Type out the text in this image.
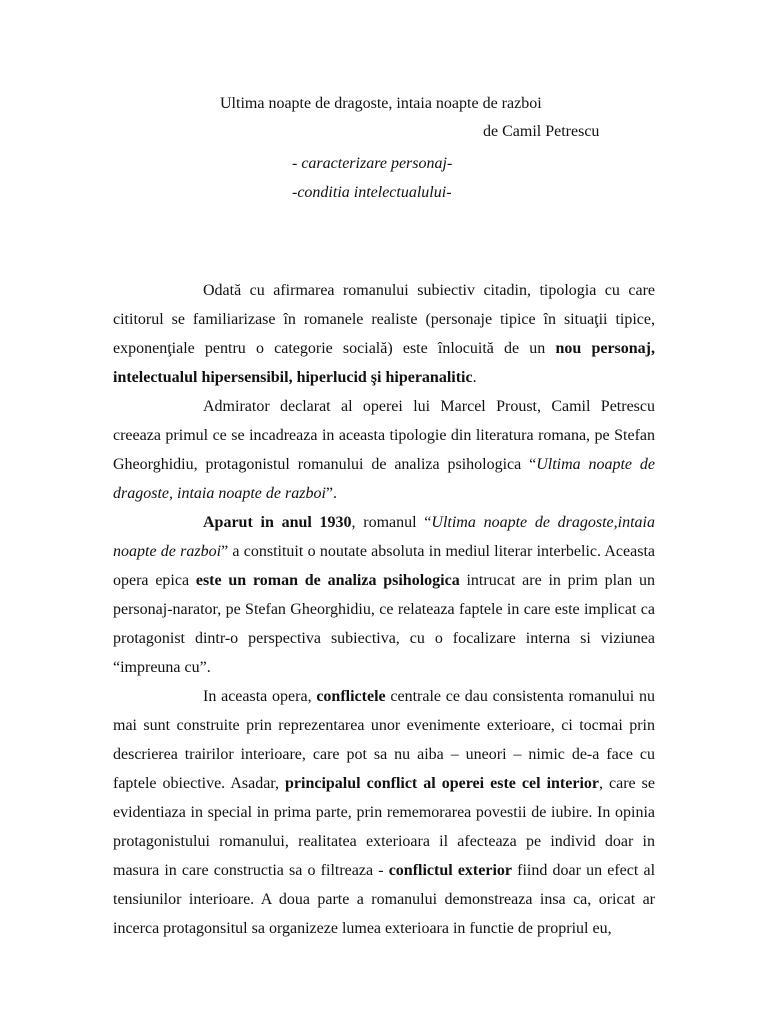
Ultima noapte de dragoste, intaia noapte de razboi

de Camil Petrescu

- caracterizare personaj-

-conditia intelectualului-

Odată cu afirmarea romanului subiectiv citadin, tipologia cu care cititorul se familiarizase în romanele realiste (personaje tipice în situaţii tipice, exponenţiale pentru o categorie socială) este înlocuită de un nou personaj, intelectualul hipersensibil, hiperlucid şi hiperanalitic.

Admirator declarat al operei lui Marcel Proust, Camil Petrescu creeaza primul ce se incadreaza in aceasta tipologie din literatura romana, pe Stefan Gheorghidiu, protagonistul romanului de analiza psihologica “Ultima noapte de dragoste, intaia noapte de razboi”.

Aparut in anul 1930, romanul “Ultima noapte de dragoste,intaia noapte de razboi” a constituit o noutate absoluta in mediul literar interbelic. Aceasta opera epica este un roman de analiza psihologica intrucat are in prim plan un personaj-narator, pe Stefan Gheorghidiu, ce relateaza faptele in care este implicat ca protagonist dintr-o perspectiva subiectiva, cu o focalizare interna si viziunea “impreuna cu”.

In aceasta opera, conflictele centrale ce dau consistenta romanului nu mai sunt construite prin reprezentarea unor evenimente exterioare, ci tocmai prin descrierea trairilor interioare, care pot sa nu aiba – uneori – nimic de-a face cu faptele obiective. Asadar, principalul conflict al operei este cel interior, care se evidentiaza in special in prima parte, prin rememorarea povestii de iubire. In opinia protagonistului romanului, realitatea exterioara il afecteaza pe individ doar in masura in care constructia sa o filtreaza - conflictul exterior fiind doar un efect al tensiunilor interioare. A doua parte a romanului demonstreaza insa ca, oricat ar incerca protagonsitul sa organizeze lumea exterioara in functie de propriul eu,
